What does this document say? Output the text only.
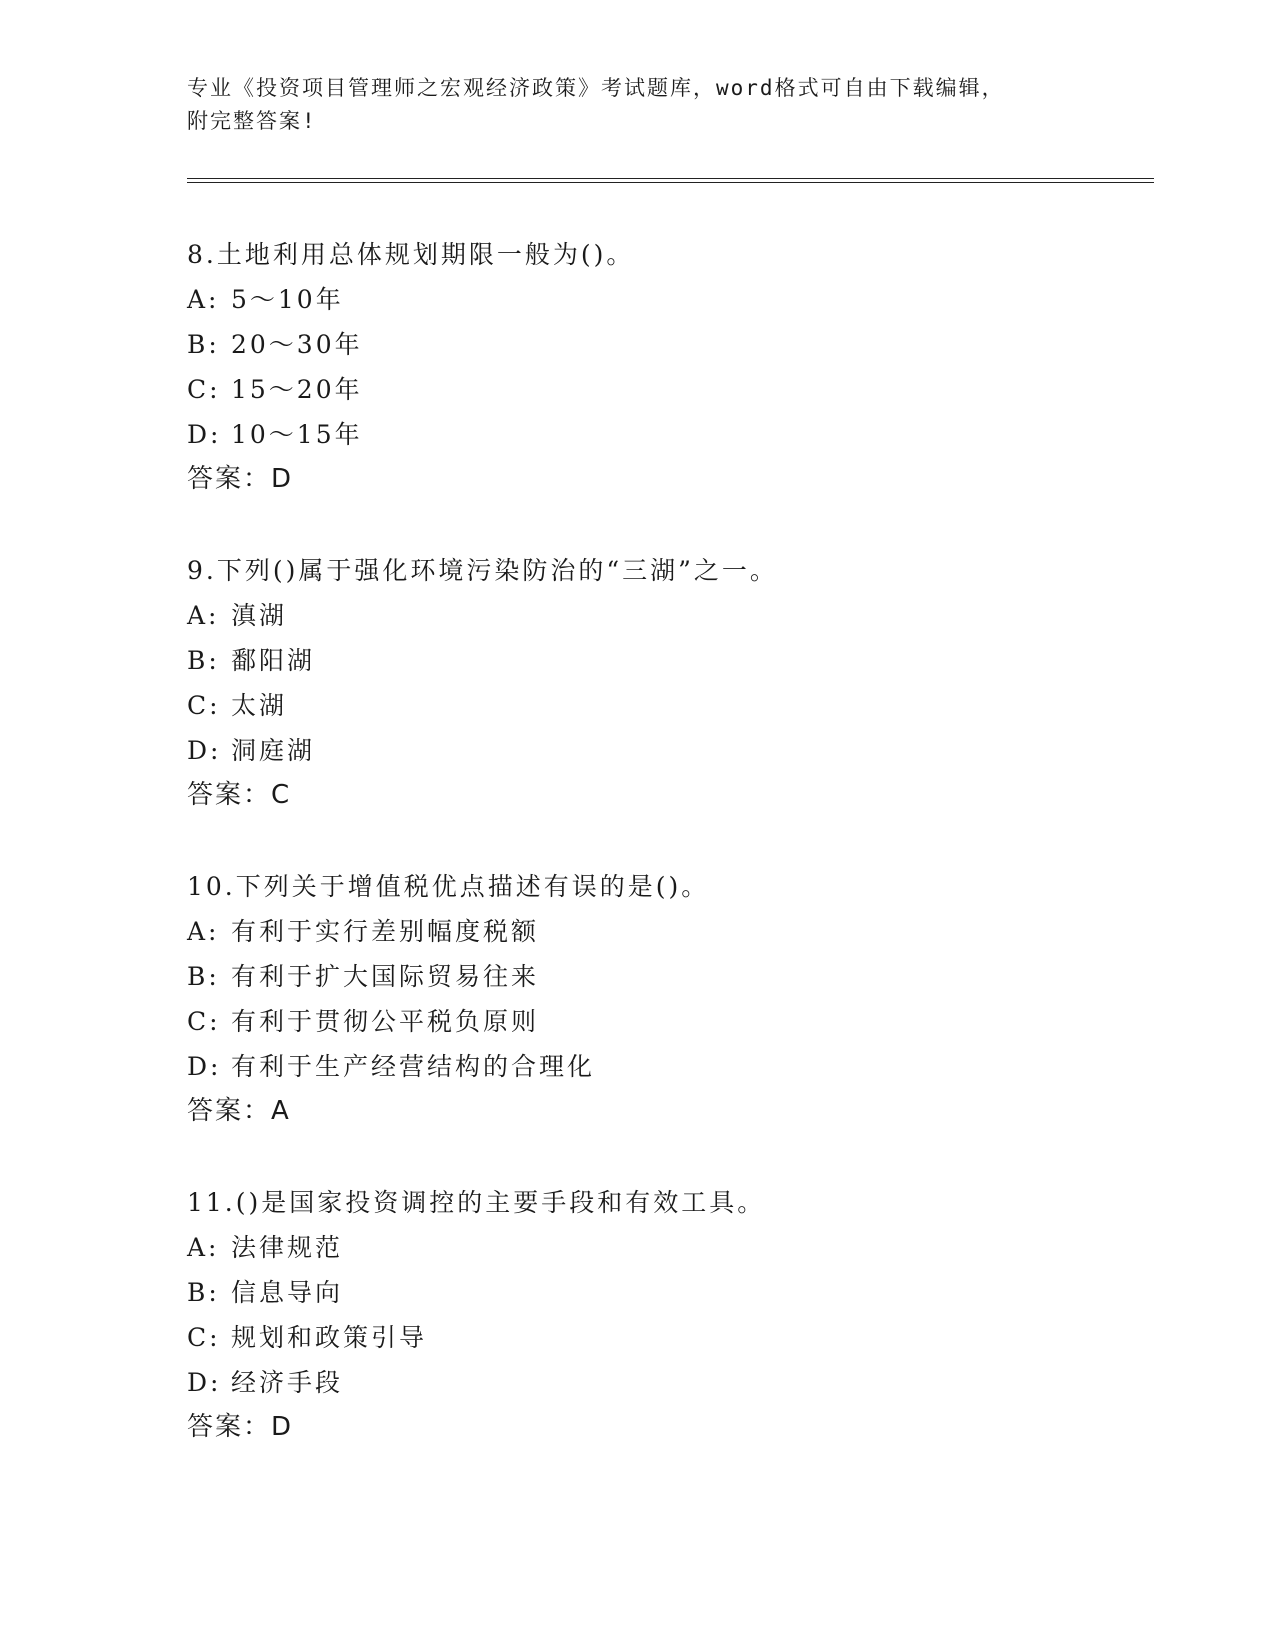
专业《投资项目管理师之宏观经济政策》考试题库，word格式可自由下载编辑，
附完整答案!
8.土地利用总体规划期限一般为()。
A: 5～10年
B: 20～30年
C: 15～20年
D: 10～15年
答案：D
9.下列()属于强化环境污染防治的“三湖”之一。
A: 滇湖
B: 鄱阳湖
C: 太湖
D: 洞庭湖
答案：C
10.下列关于增值税优点描述有误的是()。
A: 有利于实行差别幅度税额
B: 有利于扩大国际贸易往来
C: 有利于贯彻公平税负原则
D: 有利于生产经营结构的合理化
答案：A
11.()是国家投资调控的主要手段和有效工具。
A: 法律规范
B: 信息导向
C: 规划和政策引导
D: 经济手段
答案：D
